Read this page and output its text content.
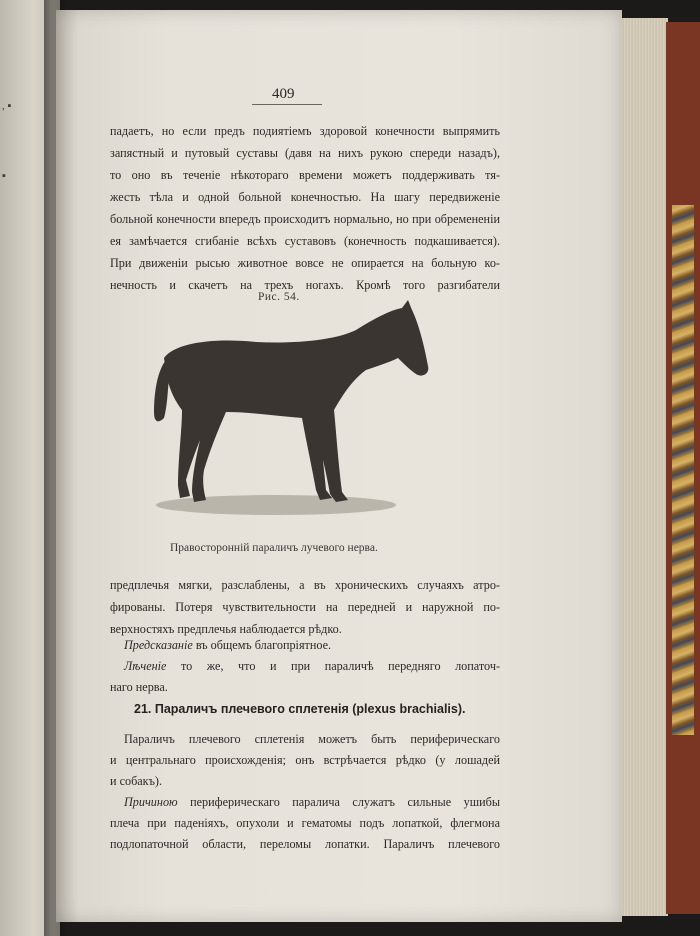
, ▪
▪
409
падаетъ, но если предъ подиятіемъ здоровой конечности выпрямить
запястный и путовый суставы (давя на нихъ рукою спереди назадъ),
то оно въ теченіе нѣкотораго времени можетъ поддерживать тя-
жесть тѣла и одной больной конечностью. На шагу передвиженіе
больной конечности впередъ происходитъ нормально, но при обремененіи
ея замѣчается сгибаніе всѣхъ суставовъ (конечность подкашивается).
При движеніи рысью животное вовсе не опирается на больную ко-
нечность и скачетъ на трехъ ногахъ. Кромѣ того разгибатели
Рис. 54.
Правосторонній параличъ лучевого нерва.
предплечья мягки, разслаблены, а въ хроническихъ случаяхъ атро-
фированы. Потеря чувствительности на передней и наружной по-
верхностяхъ предплечья наблюдается рѣдко.
Предсказаніе въ общемъ благопріятное.
Лѣченіе то же, что и при параличѣ передняго лопаточ-
наго нерва.
21. Параличъ плечевого сплетенія (plexus brachialis).
Параличъ плечевого сплетенія можетъ быть периферическаго
и центральнаго происхожденія; онъ встрѣчается рѣдко (у лошадей
и собакъ).
Причиною периферическаго паралича служатъ сильные ушибы
плеча при паденіяхъ, опухоли и гематомы подъ лопаткой, флегмона
подлопаточной области, переломы лопатки. Параличъ плечевого
